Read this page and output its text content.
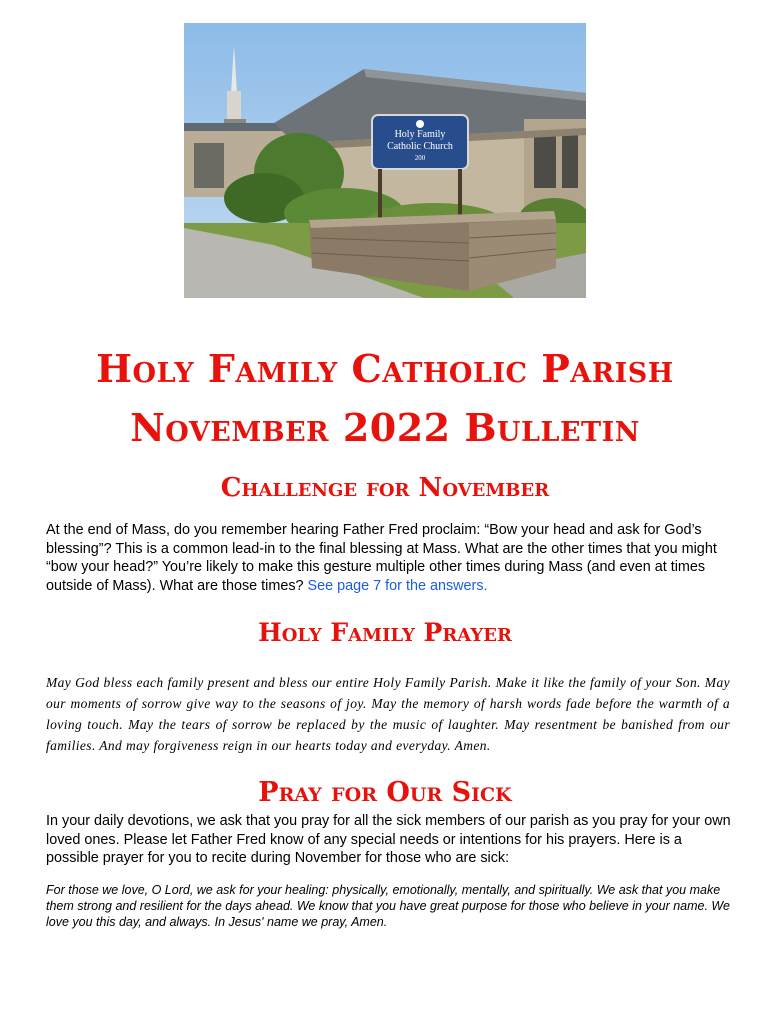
Holy Family
Catholic Church
200
Holy Family Catholic Parish
November 2022 Bulletin
Challenge for November

At the end of Mass, do you remember hearing Father Fred proclaim: “Bow your head and ask for God’s blessing”? This is a common lead-in to the final blessing at Mass. What are the other times that you might “bow your head?” You’re likely to make this gesture multiple other times during Mass (and even at times outside of Mass). What are those times? See page 7 for the answers.

Holy Family Prayer

May God bless each family present and bless our entire Holy Family Parish. Make it like the family of your Son. May our moments of sorrow give way to the seasons of joy. May the memory of harsh words fade before the warmth of a loving touch. May the tears of sorrow be replaced by the music of laughter. May resentment be banished from our families. And may forgiveness reign in our hearts today and everyday. Amen.

Pray for Our Sick

In your daily devotions, we ask that you pray for all the sick members of our parish as you pray for your own loved ones. Please let Father Fred know of any special needs or intentions for his prayers. Here is a possible prayer for you to recite during November for those who are sick:

For those we love, O Lord, we ask for your healing: physically, emotionally, mentally, and spiritually. We ask that you make them strong and resilient for the days ahead. We know that you have great purpose for those who believe in your name. We love you this day, and always. In Jesus' name we pray, Amen.
